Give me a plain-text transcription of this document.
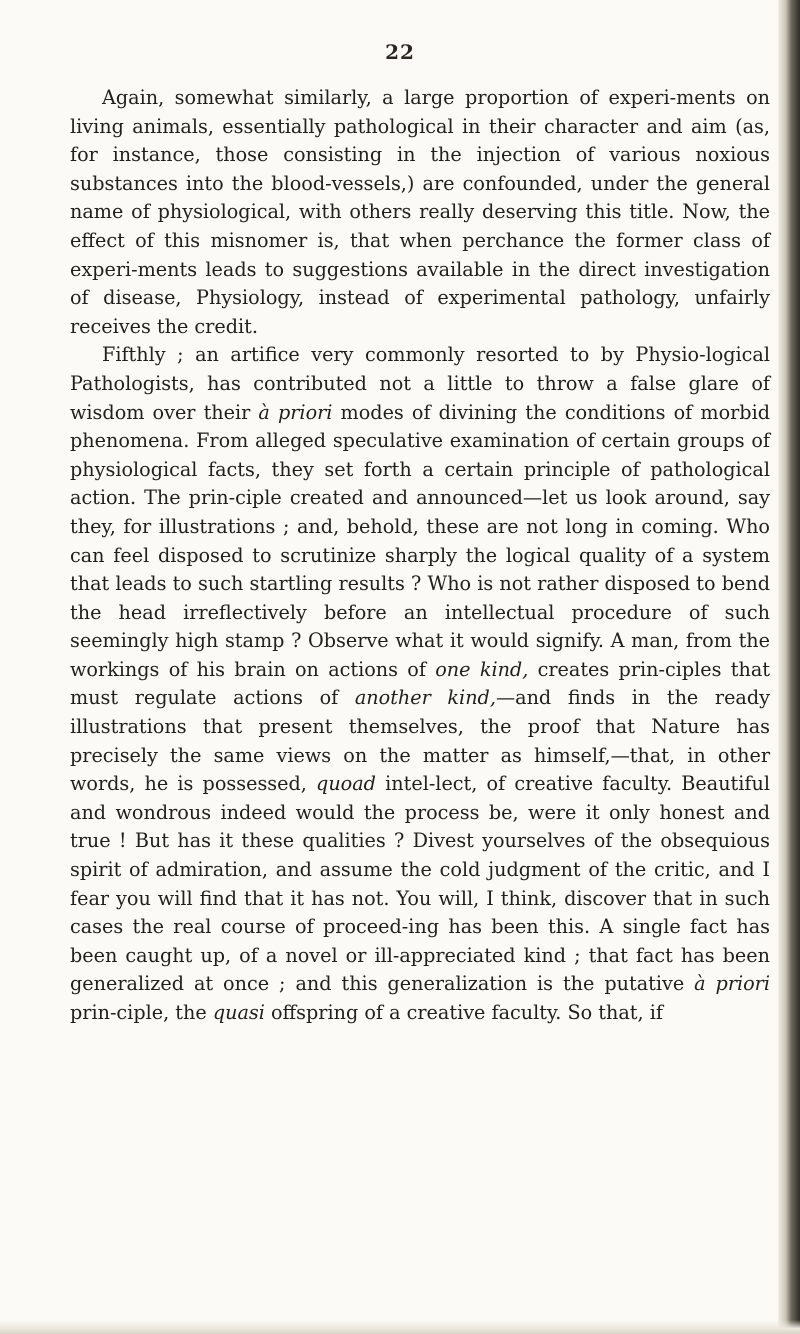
22

Again, somewhat similarly, a large proportion of experi-ments on living animals, essentially pathological in their character and aim (as, for instance, those consisting in the injection of various noxious substances into the blood-vessels,) are confounded, under the general name of physiological, with others really deserving this title. Now, the effect of this misnomer is, that when perchance the former class of experi-ments leads to suggestions available in the direct investigation of disease, Physiology, instead of experimental pathology, unfairly receives the credit.

Fifthly ; an artifice very commonly resorted to by Physio-logical Pathologists, has contributed not a little to throw a false glare of wisdom over their à priori modes of divining the conditions of morbid phenomena. From alleged speculative examination of certain groups of physiological facts, they set forth a certain principle of pathological action. The prin-ciple created and announced—let us look around, say they, for illustrations ; and, behold, these are not long in coming. Who can feel disposed to scrutinize sharply the logical quality of a system that leads to such startling results ? Who is not rather disposed to bend the head irreflectively before an intellectual procedure of such seemingly high stamp ? Observe what it would signify. A man, from the workings of his brain on actions of one kind, creates prin-ciples that must regulate actions of another kind,—and finds in the ready illustrations that present themselves, the proof that Nature has precisely the same views on the matter as himself,—that, in other words, he is possessed, quoad intel-lect, of creative faculty. Beautiful and wondrous indeed would the process be, were it only honest and true ! But has it these qualities ? Divest yourselves of the obsequious spirit of admiration, and assume the cold judgment of the critic, and I fear you will find that it has not. You will, I think, discover that in such cases the real course of proceed-ing has been this. A single fact has been caught up, of a novel or ill-appreciated kind ; that fact has been generalized at once ; and this generalization is the putative à priori prin-ciple, the quasi offspring of a creative faculty. So that, if
